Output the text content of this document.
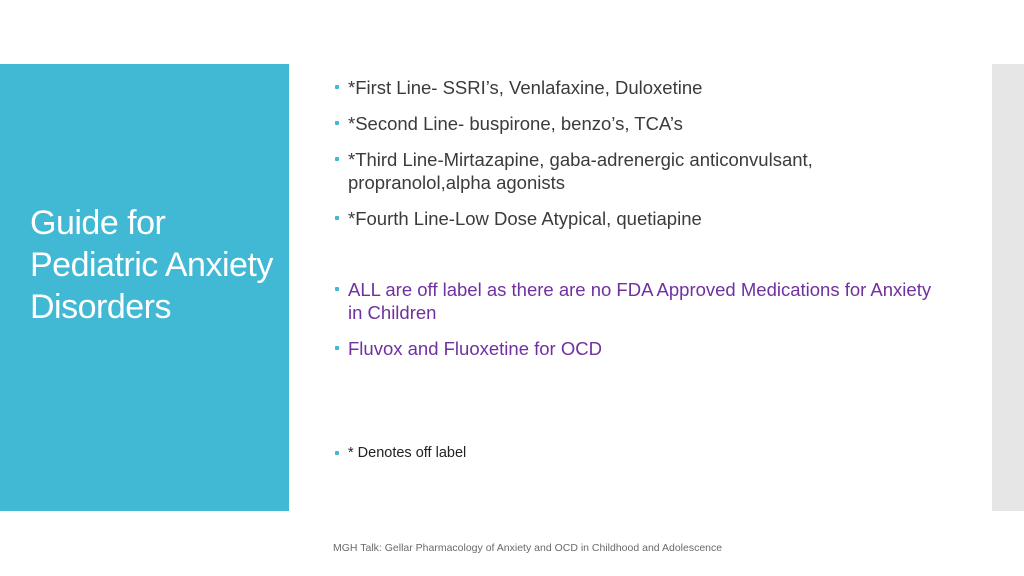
Guide for Pediatric Anxiety Disorders
*First Line- SSRI’s, Venlafaxine, Duloxetine
*Second Line- buspirone, benzo’s, TCA’s
*Third Line-Mirtazapine, gaba-adrenergic anticonvulsant, propranolol,alpha agonists
*Fourth Line-Low Dose Atypical, quetiapine
ALL are off label as there are no FDA Approved Medications for Anxiety in Children
Fluvox and Fluoxetine for OCD
* Denotes off label
MGH Talk: Gellar Pharmacology of Anxiety and OCD in Childhood and Adolescence
